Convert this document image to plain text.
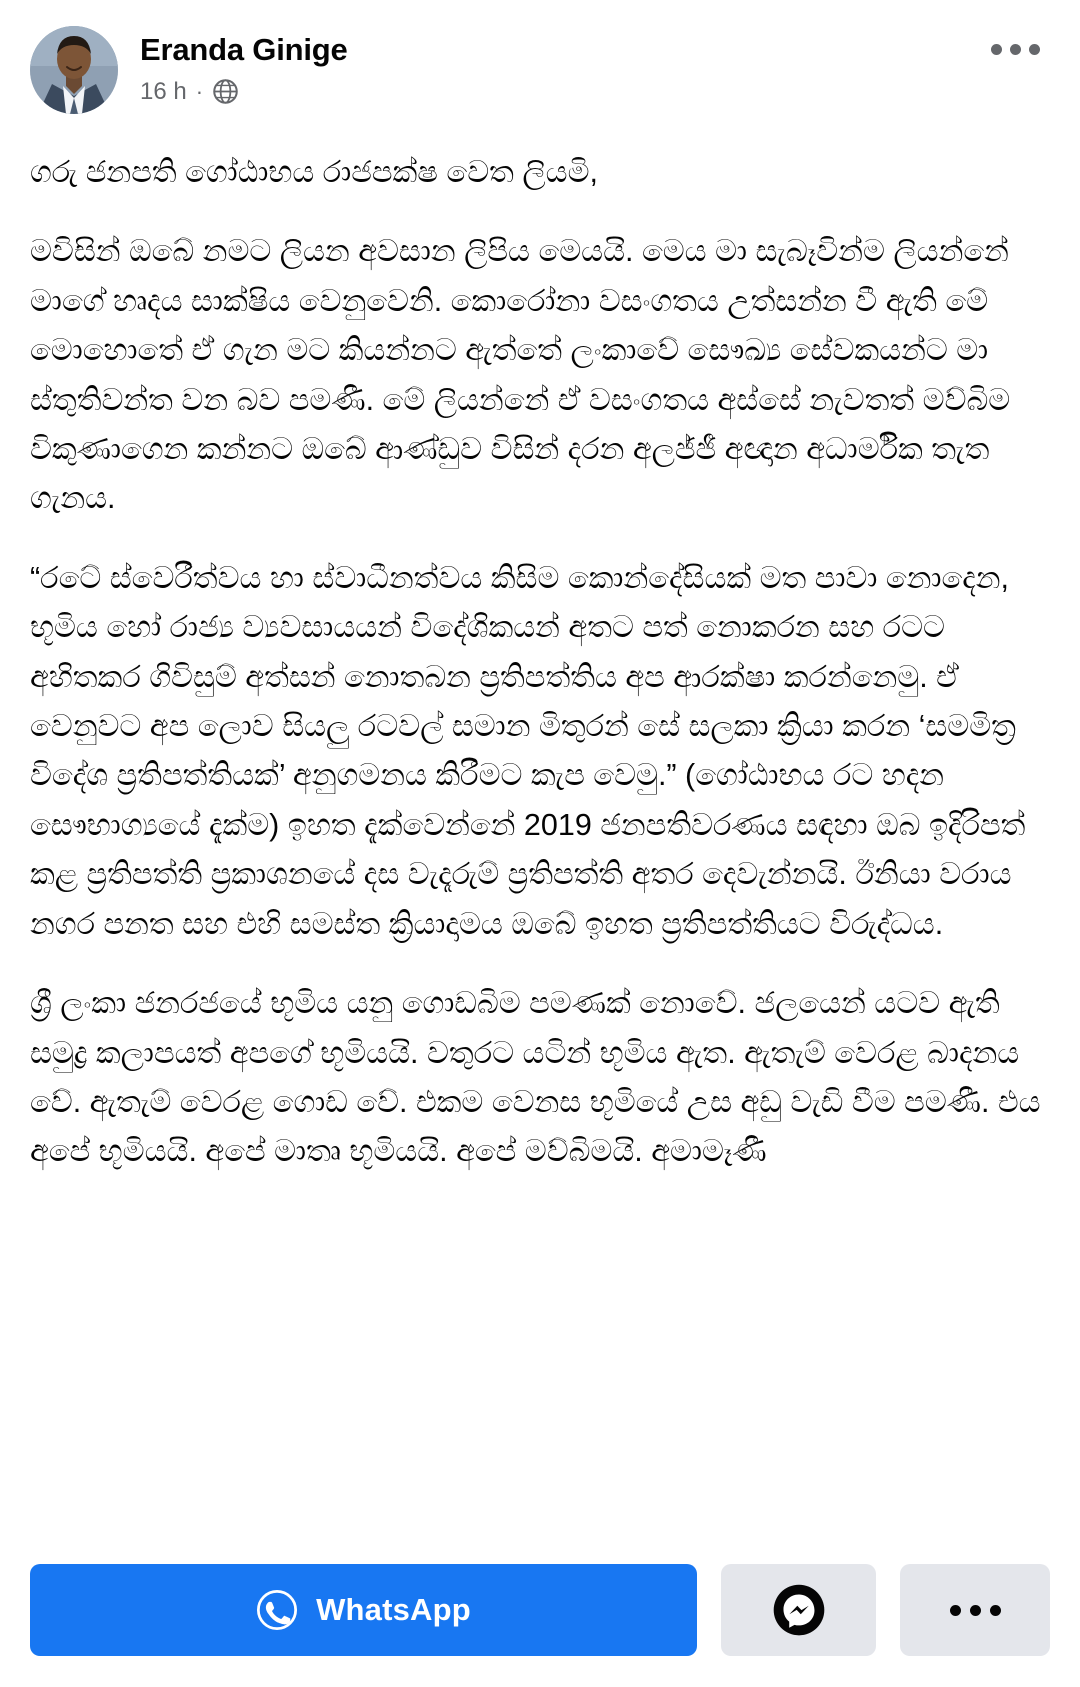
Eranda Ginige
16 h ·

ගරු ජනපති ගෝඨාභය රාජපක්ෂ වෙත ලියමි,

මවිසින් ඔබේ නමට ලියන අවසාන ලිපිය මෙයයි. මෙය මා සැබෑවින්ම ලියන්නේ මාගේ හෘදය සාක්ෂිය වෙනුවෙනි. කොරෝනා වසංගතය උත්සන්න වී ඇති මේ මොහොතේ ඒ ගැන මට කියන්නට ඇත්තේ ලංකාවේ සෞඛ්‍ය සේවකයන්ට මා ස්තුතිවන්ත වන බව පමණී. මේ ලියන්නේ ඒ වසංගතය අස්සේ නැවතත් මව්බිම විකුණාගෙන කන්නට ඔබේ ආණ්ඩුව විසින් දරන අලජ්ජී අඥාන අධාර්මික තැත ගැනය.

“රටේ ස්වෙරීත්වය හා ස්වාධීනත්වය කිසිම කොන්දේසියක් මත පාවා නොදෙන, භූමිය හෝ රාජ්‍ය ව්‍යවසායයන් විදේශිකයන් අතට පත් නොකරන සහ රටට අහිතකර ගිවිසුම් අත්සන් නොතබන ප්‍රතිපත්තිය අප ආරක්ෂා කරන්නෙමු. ඒ වෙනුවට අප ලොව සියලු රටවල් සමාන මිතුරන් සේ සලකා ක්‍රියා කරන ‘සමමිත්‍ර විදේශ ප්‍රතිපත්තියක්’ අනුගමනය කිරීමට කැප වෙමු.” (ගෝඨාභය රට හදන සෞභාග්‍යයේ දැක්ම) ඉහත දැක්වෙන්නේ 2019 ජනපතිවරණය සඳහා ඔබ ඉදිරිපත් කළ ප්‍රතිපත්ති ප්‍රකාශනයේ දස වැදෑරුම් ප්‍රතිපත්ති අතර දෙවැන්නයි. ඊනියා වරාය නගර පනත සහ එහි සමස්ත ක්‍රියාදාමය ඔබේ ඉහත ප්‍රතිපත්තියට විරුද්ධය.

ශ්‍රී ලංකා ජනරජයේ භූමිය යනු ගොඩබිම පමණක් නොවේ. ජලයෙන් යටව ඇති සමුද්‍ර කලාපයත් අපගේ භූමියයි. වතුරට යටින් භූමිය ඇත. ඇතැම් වෙරළ බාදනය වේ. ඇතැම් වෙරළ ගොඩ වේ. එකම වෙනස භූමියේ උස අඩු වැඩි වීම පමණී. එය අපේ භූමියයි. අපේ මාතෘ භූමියයි. අපේ මව්බිමයි. අමාමෑණී

WhatsApp
